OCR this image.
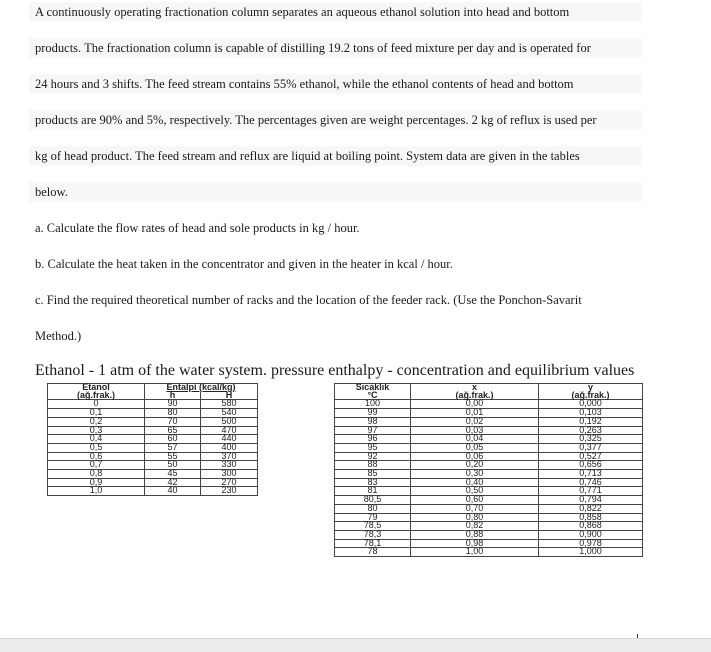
A continuously operating fractionation column separates an aqueous ethanol solution into head and bottom
products. The fractionation column is capable of distilling 19.2 tons of feed mixture per day and is operated for
24 hours and 3 shifts. The feed stream contains 55% ethanol, while the ethanol contents of head and bottom
products are 90% and 5%, respectively. The percentages given are weight percentages. 2 kg of reflux is used per
kg of head product. The feed stream and reflux are liquid at boiling point. System data are given in the tables
below.
a. Calculate the flow rates of head and sole products in kg / hour.
b. Calculate the heat taken in the concentrator and given in the heater in kcal / hour.
c. Find the required theoretical number of racks and the location of the feeder rack. (Use the Ponchon-Savarit
Method.)
Ethanol - 1 atm of the water system. pressure enthalpy - concentration and equilibrium values
Etanol	Entalpi (kcal/kg)	
(ağ.frak.)	h	H
0	90	580
0,1	80	540
0,2	70	500
0,3	65	470
0,4	60	440
0,5	57	400
0,6	55	370
0,7	50	330
0,8	45	300
0,9	42	270
1,0	40	230
Sıcaklık	x	y
°C	(ağ.frak.)	(ağ.frak.)
100	0,00	0,000
99	0,01	0,103
98	0,02	0,192
97	0,03	0,263
96	0,04	0,325
95	0,05	0,377
92	0,06	0,527
88	0,20	0,656
85	0,30	0,713
83	0,40	0,746
81	0,50	0,771
80,5	0,60	0,794
80	0,70	0,822
79	0,80	0,858
78,5	0,82	0,868
78,3	0,88	0,900
78,1	0,98	0,978
78	1,00	1,000
